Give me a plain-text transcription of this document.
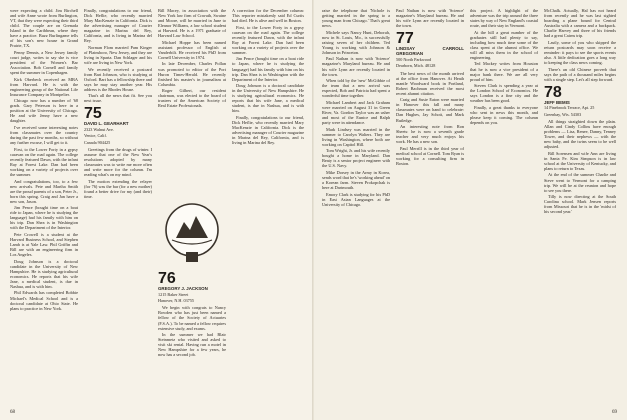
were expecting a child. Jim Birchell and wife Anne wrote from Burlington, VT, that they were expecting their third child. The couple are on Grenada Island in the Caribbean, where they have a practice. Buzz Burlingame tells of his son's new house in Grand Prairie, TX.

Penny Dennis, a New Jersey family court judge, writes to say she is vice president of the Women's Bar Association. Bob Cornell and family spent the summer in Copenhagen.

Kirk Oberbeck received an MBA from Harvard. He is with the engineering group of the National Life Insurance Company in Montpelier.

Chicago now has a number of '68 grads. Gary Peterson is here in a position at the University of Chicago. He and wife Jenny have a new daughter.

I've received some interesting notes from classmates over the country during the past few months, so without any further excuse, I will get to it.

First, to the Lower Forty in a gypsy caravan on the road again. The college recently featured Dawn, with the infant Ray at Forest Lake. Dan had been working on a variety of projects over the summer.

And congratulations, too, to a few new arrivals. Pete and Martha Smith are the proud parents of a son, Peter Jr., born this spring. Craig and Jan have a new son, Jason.

Jim Pence (bought time on a boat ride to Japan, where he is studying the language) had his family with him on his trip. Dan Shea is in Washington with the Department of the Interior.

Pete Crowell is a student at the Harvard Business School, and Stephen Lamb is at Yale Law. Phil Griffin and Bill are with an engineering firm in Los Angeles.

Doug Johnson is a doctoral candidate in the University of New Hampshire. He is studying agricultural economics. He reports that his wife Jane, a medical student, is due in Nashua, and is with him.

Phil Edwards has completed Bobbie Michael's Medical School and is a doctoral candidate at Ohio State. He plans to practice in New York.

Finally, congratulations to our friend, Dick Heflie, who recently married Mary MacKenzie in California. Dick is the advertising manager of Courier magazine in Marina del Rey, California, and is living in Marina del Rey.

Norman Flom married Pam Kinger of Plainsboro, New Jersey, and they are living in Sparta. Dan Schlager and his wife are living in New York.

We recently received a postcard from Bart Johnson, who is studying at Oxford. Bart has a fellowship there and says he may stay another year. His address is the Rhodes House.

That's all the news that fit. See you next issue.

75

DAVID L. GEARHART

2323 Walnut Ave.

Venice, Calif.

Canada 904425

Greetings from the drugs of winter. I assume that one of the New Year's resolutions adopted by many classmates was to write me more often and write more for the column. I'm reading what's on my mind.

The motion extending the relayer (for 76) was the bar (for a new mother) found a better drive for my (and their) time.

Bill Macey, in association with the New York law firm of Cravath, Swaine and Moore, will be married in June to Eleanor Williams, a law school student at Harvard. He is a 1971 graduate of Harvard Law School.

Michael Hoppe has been named assistant professor of English at Vanderbilt. He received his PhD from Cornell University in 1974.

In late December, Charles Pollan was promoted to editor of the Port Huron Times-Herald. He recently finished his master's in journalism at Columbia.

Roger Gilbert, our resident chairman, was elected to the board of trustees of the American Society of Real Estate Professionals.

76

GREGORY J. JACKSON

1215 Baker Street

Hanover, N.H. 03755

We begin with congrats to Nancy Bowden who has just been named a fellow of the Society of Actuaries (F.S.A.). To be named a fellow requires extensive study, and exams.

In the summer we had Blair Steinmetz who visited and asked to visit ski rental. Having run a motel in New Hampshire for a few years, he now has a second job.

A correction for the December column: This reporter mistakenly said Ed Curtis had died. He is alive and well in Boston.

First, to the Lower Forty in a gypsy caravan on the road again. The college recently featured Dawn, with the infant Ray at Forest Lake. Dan had been working on a variety of projects over the summer.

Jim Pence (bought time on a boat ride to Japan, where he is studying the language) had his family with him on his trip. Dan Shea is in Washington with the Department of the Interior.

Doug Johnson is a doctoral candidate in the University of New Hampshire. He is studying agricultural economics. He reports that his wife Jane, a medical student, is due in Nashua, and is with him.

Finally, congratulations to our friend, Dick Heflie, who recently married Mary MacKenzie in California. Dick is the advertising manager of Courier magazine in Marina del Rey, California, and is living in Marina del Rey.

68

raise the telephone that 'Nichole is getting married in the spring to a young man from Chicago.' That's great news.

Michele says Nancy Hunt, Deborah, now in St. Louis, Mo., is successfully raising seven of her children. Ted Young is working with Johnson & Johnson in Princeton.

Paul Nathan is now with 'Science' magazine's Maryland bureau. He and his wife Lynn are recently located in the town.

When told by the 'new' McGibbie of the team that a new arrival was expected, Bob and Patricia had spent a wonderful time together.

Michael Lambert and Jack Graham were married on August 31 in Green River, Va. Gordon Taylor was an usher and most of the Eunice and Ralph party were in attendance.

Mark Lindsey was married in the summer to Carolyn Walters. They are living in Washington, where both are working on Capitol Hill.

Tom Wright, Jr. and his wife recently bought a home in Maryland. Dan Beaty is a senior project engineer with the U.S. Navy.

Mike Dorsey in the Army in Korea, sends word that he's 'working ahead' on a Korean farm. Steven Prokopchak is here at Dartmouth.

Emory Clark is studying for his PhD in East Asian Languages at the University of Chicago.

Paul Nathan is now with 'Science' magazine's Maryland bureau. He and his wife Lynn are recently located in the town.

77

LINDSAY CARROLL GREGORIAN

500 North Parkwood

Dearborn, Mich. 48128

The best news of the month arrived at the office from Hanover. At Heath mantle Woodward book in Portland, Robert Bachman received the most recent alumni citation.

Craig and Susie Eaton were married in Hanover this fall and many classmates were on hand to celebrate: Dan Hughes, Jay Schott, and Mark Rutledge.

An interesting note from Ron Sheets: he is now a seventh grade teacher and very much enjoys his work. He has a new son.

Paul Merrill is in the third year of medical school at Cornell. Tom Ryan is working for a consulting firm in Boston.

this project. A highlight of the adventure was the trip around the three states by way of New England's coastal route, and their stay in Vermont.

At the hill a great number of the graduates still had plenty to say, including how much time some of the class spent at the alumni office. We will all miss them in the school of engineering.

Ted Mackey writes from Houston that he is now a vice president of a major bank there. We are all very proud of him.

Steven Clark is spending a year at the London School of Economics. He says London is a fine city and the weather has been good.

Finally, a great thanks to everyone who sent in news this month, and please keep it coming. The column depends on you.

McChalk. Actually, Hal has not heard from recently and he was last sighted boarding a plane bound for Central Australia with a camera and a backpack. Charlie Harvey and three of his friends had a great Cairns trip.

Lastly, some of you who skipped the return postcards may soon receive a reminder: it pays to see the sports events also. A little dedication goes a long way to keeping the class news coming.

There's an old Chinese proverb that says the path of a thousand miles begins with a single step. Let's all step forward.

78

JEFF BEMIS

14 Pinebrook Terrace, Apt. 25

Greenbay, Wis. 54303

All things straighted down the plain. Allan and Cindy Collins have enough problems — Lisa, Renee, Danny, Tenney Tower, and their nephews — with the new baby, and the twins seem to be well adjusted.

Bill Sorensen and wife Ann are living in Santa Fe. Kim Simpson is in law school at the University of Kentucky, and plans to return to Texas.

At the end of the summer Charlie and Steve went to Vermont for a camping trip. We will be at the reunion and hope to see you there.

Tilly is now directing at the South Carolina school. Mark Jensen reports from Missouri that he is in the 'midst of his second year.'

69
